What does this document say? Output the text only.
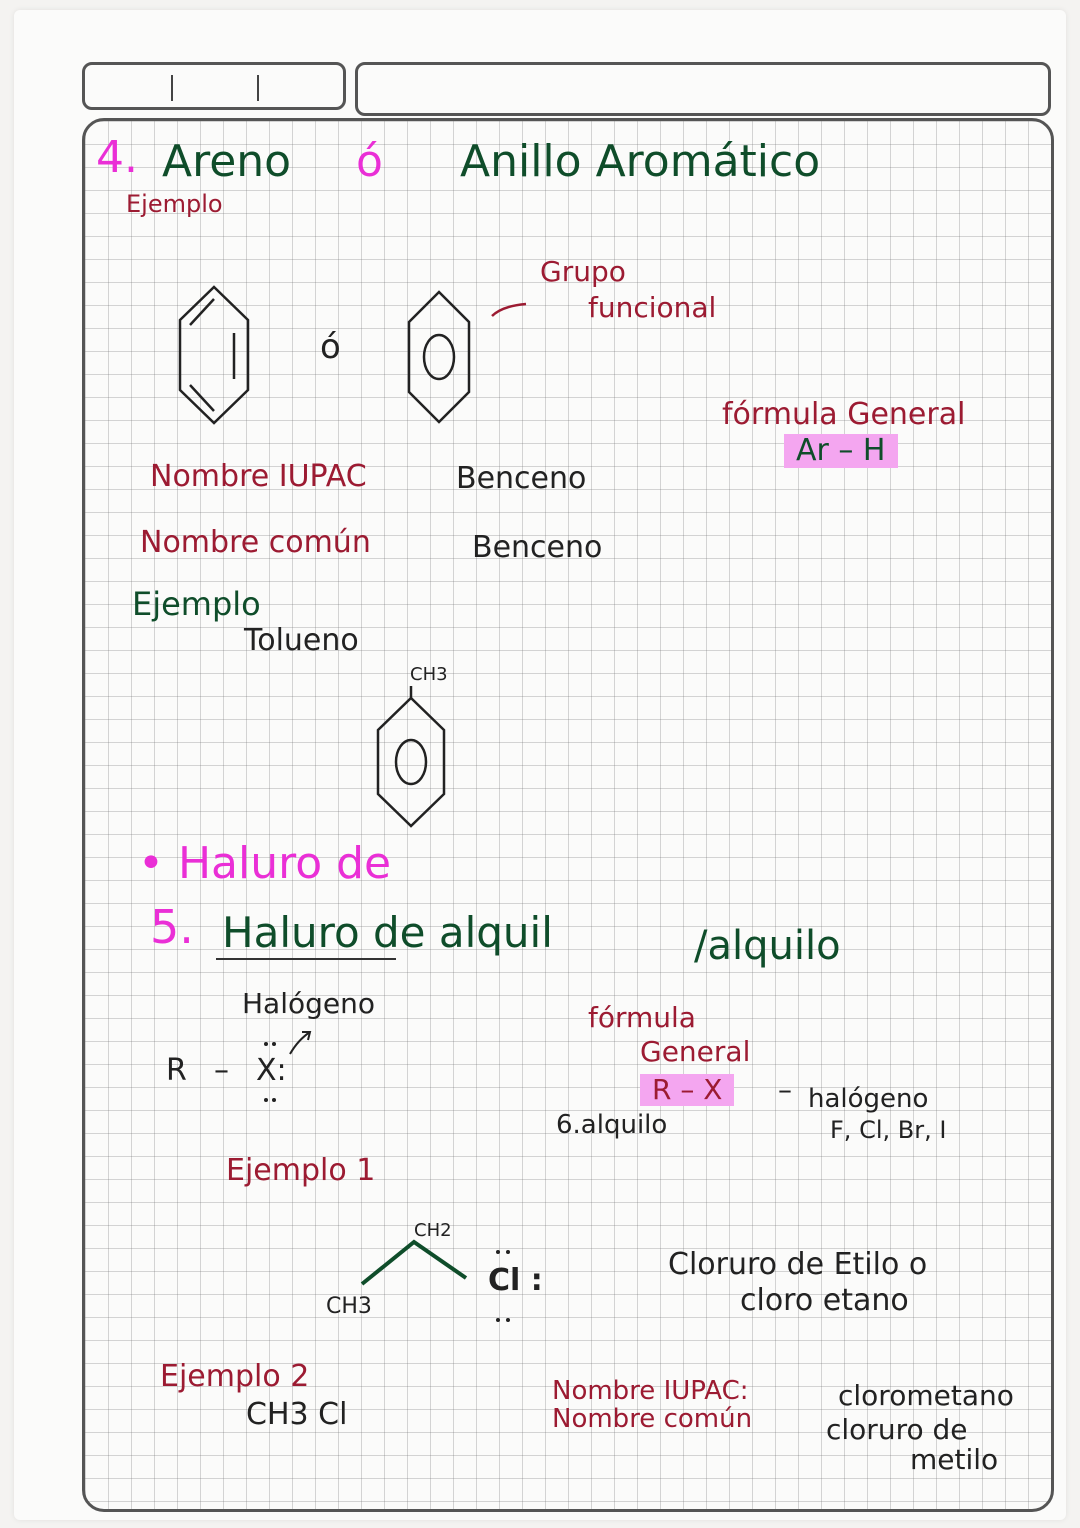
4. Areno ó Anillo Aromático
Ejemplo
ó
Grupo
funcional
fórmula General
Ar – H
Nombre IUPAC	Benceno
Nombre común	Benceno
Ejemplo
Tolueno
CH3
• Haluro de
5. Haluro de alquil	/alquilo
Halógeno
R – X:
fórmula
General
R – X	– halógeno
F, Cl, Br, I
6.alquilo
Ejemplo 1
CH2
CH3
Cl :	Cloruro de Etilo o
cloro etano
Ejemplo 2
CH3 Cl
Nombre IUPAC:	clorometano
Nombre común	cloruro de
metilo
